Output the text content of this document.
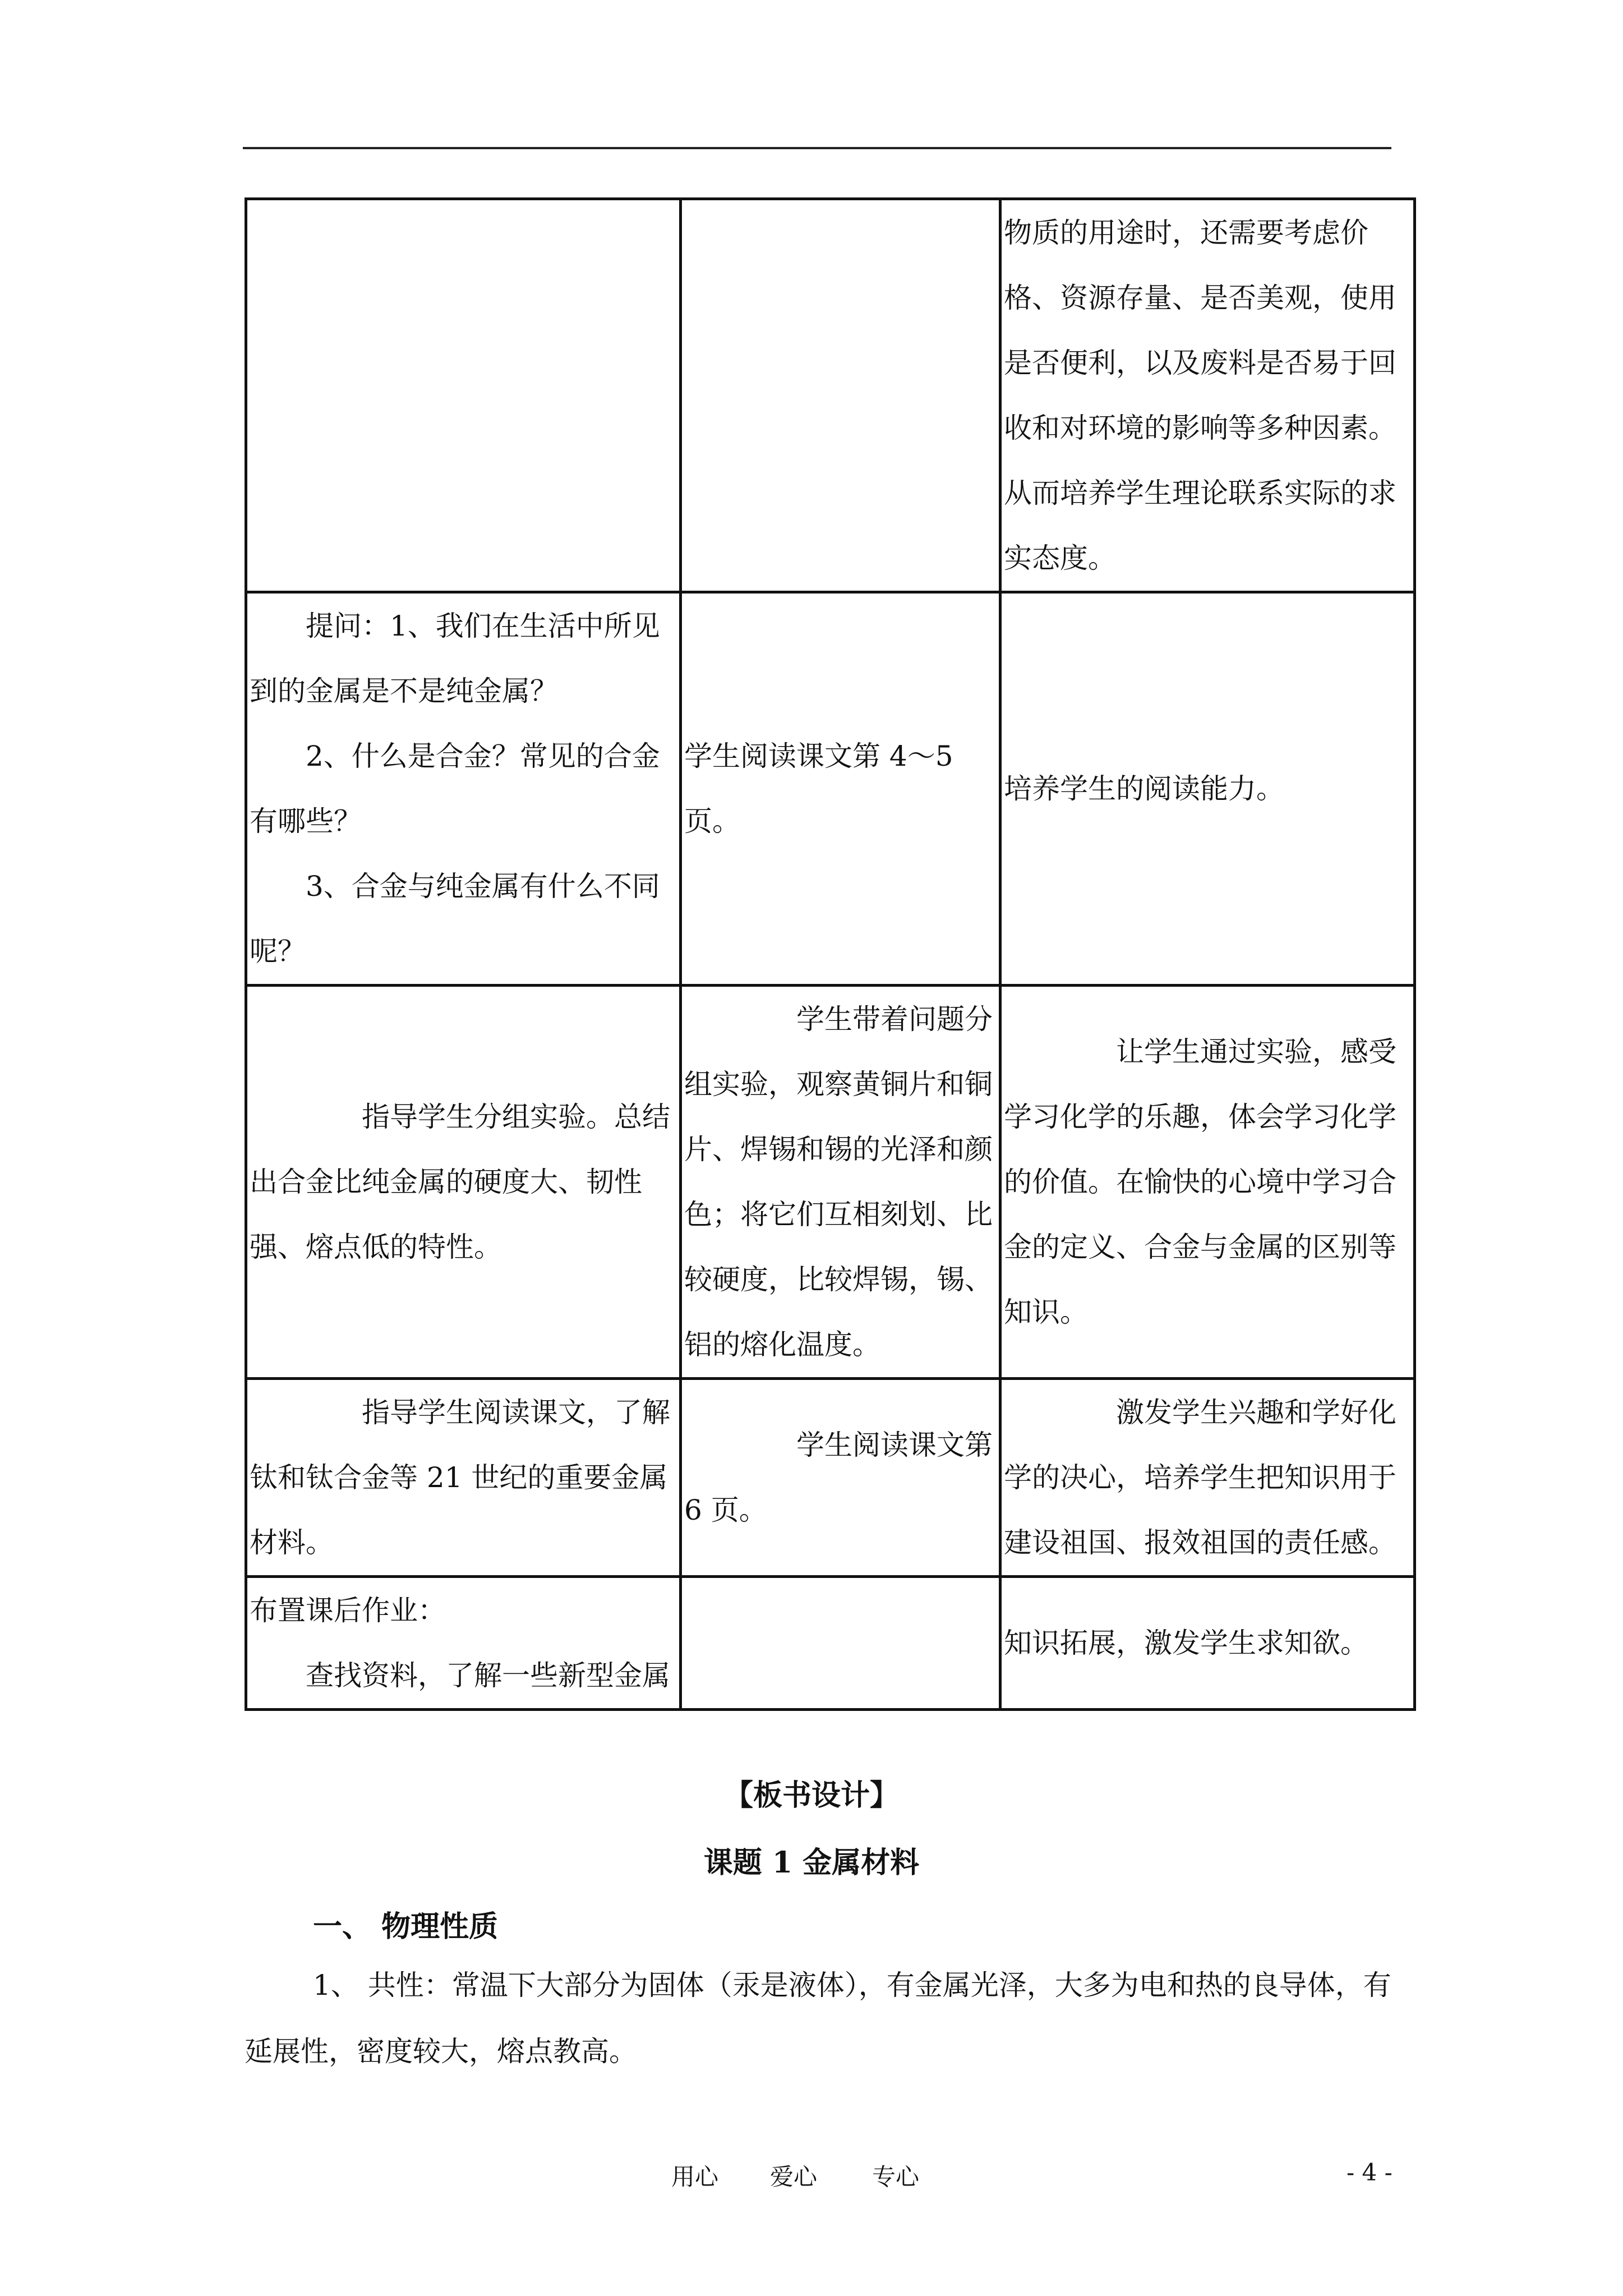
		物质的用途时，还需要考虑价格、资源存量、是否美观，使用是否便利，以及废料是否易于回收和对环境的影响等多种因素。从而培养学生理论联系实际的求实态度。

提问：1、我们在生活中所见到的金属是不是纯金属？

2、什么是合金？常见的合金有哪些？

3、合金与纯金属有什么不同呢？	学生阅读课文第 4～5 页。	培养学生的阅读能力。

指导学生分组实验。总结出合金比纯金属的硬度大、韧性强、熔点低的特性。	学生带着问题分组实验，观察黄铜片和铜片、焊锡和锡的光泽和颜色；将它们互相刻划、比较硬度，比较焊锡，锡、铝的熔化温度。	让学生通过实验，感受学习化学的乐趣，体会学习化学的价值。在愉快的心境中学习合金的定义、合金与金属的区别等知识。

指导学生阅读课文，了解钛和钛合金等 21 世纪的重要金属材料。	学生阅读课文第 6 页。	激发学生兴趣和学好化学的决心，培养学生把知识用于建设祖国、报效祖国的责任感。

布置课后作业：

查找资料，了解一些新型金属		知识拓展，激发学生求知欲。

【板书设计】
课题 1 金属材料
一、 物理性质
1、 共性：常温下大部分为固体（汞是液体），有金属光泽，大多为电和热的良导体，有延展性，密度较大，熔点教高。
用心 爱心 专心	- 4 -
